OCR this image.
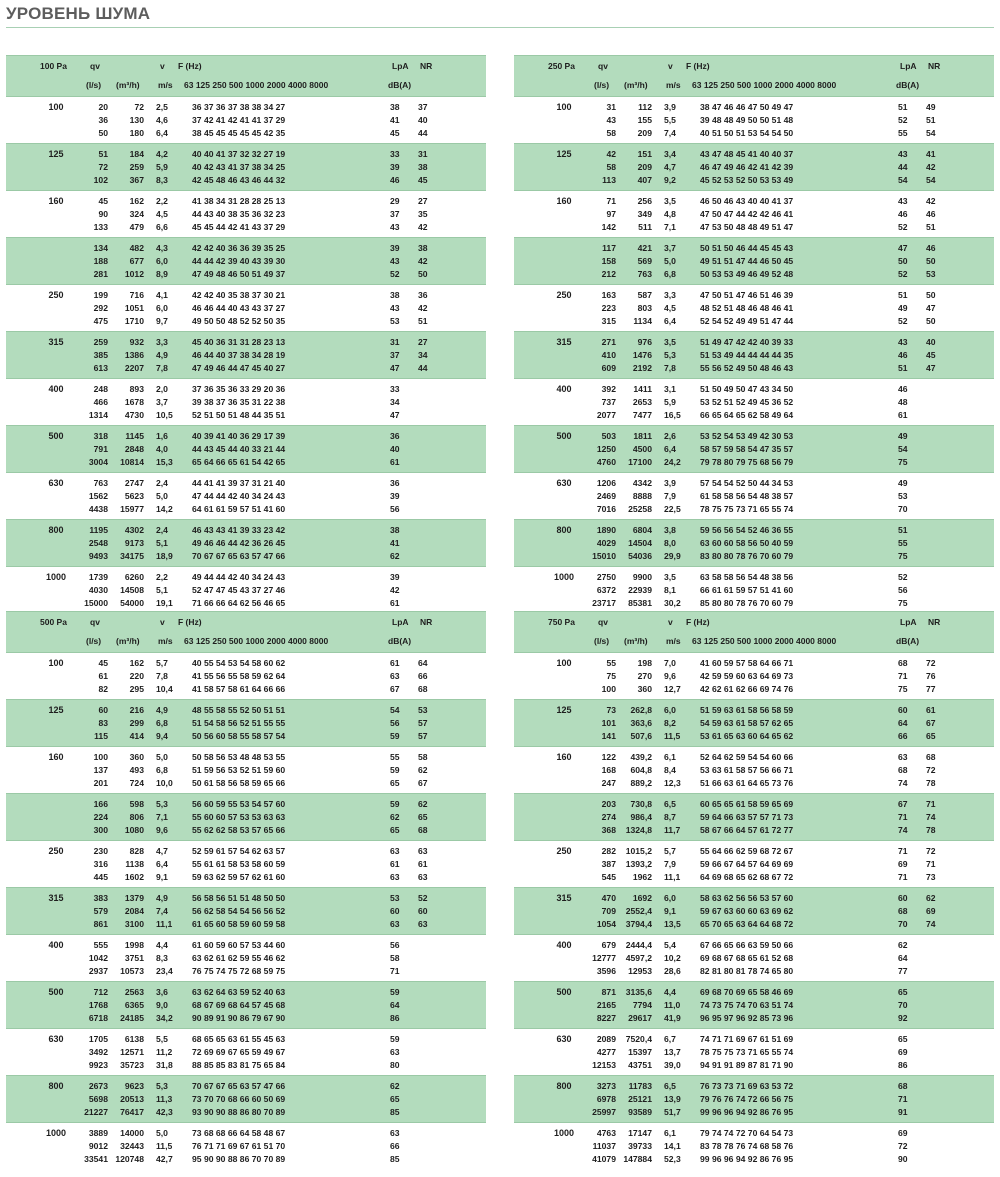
УРОВЕНЬ ШУМА
100 Pa	qv	v F (Hz)	LpA NR
(l/s) (m³/h) m/s 63 125 250 500 1000 2000 4000 8000	dB(A)
100	20	72 2,5	36 37 36 37 38 38 34 27	38	37
36	130 4,6	37 42 41 42 41 41 37 29	41	40
50	180 6,4	38 45 45 45 45 45 42 35	45	44
125	51	184 4,2	40 40 41 37 32 32 27 19	33	31
72	259 5,9	40 42 43 41 37 38 34 25	39	38
102	367 8,3	42 45 48 46 43 46 44 32	46	45
160	45	162 2,2	41 38 34 31 28 28 25 13	29	27
90	324 4,5	44 43 40 38 35 36 32 23	37	35
133	479 6,6	45 45 44 42 41 43 37 29	43	42
134	482 4,3	42 42 40 36 36 39 35 25	39	38
188	677 6,0	44 44 42 39 40 43 39 30	43	42
281	1012 8,9	47 49 48 46 50 51 49 37	52	50
250	199	716 4,1	42 42 40 35 38 37 30 21	38	36
292	1051 6,0	46 46 44 40 43 43 37 27	43	42
475	1710 9,7	49 50 50 48 52 52 50 35	53	51
315	259	932 3,3	45 40 36 31 31 28 23 13	31	27
385	1386 4,9	46 44 40 37 38 34 28 19	37	34
613	2207 7,8	47 49 46 44 47 45 40 27	47	44
400	248	893 2,0	37 36 35 36 33 29 20 36	33
466	1678 3,7	39 38 37 36 35 31 22 38	34
1314	4730 10,5	52 51 50 51 48 44 35 51	47
500	318	1145 1,6	40 39 41 40 36 29 17 39	36
791	2848 4,0	44 43 45 44 40 33 21 44	40
3004	10814 15,3	65 64 66 65 61 54 42 65	61
630	763	2747 2,4	44 41 41 39 37 31 21 40	36
1562	5623 5,0	47 44 44 42 40 34 24 43	39
4438	15977 14,2	64 61 61 59 57 51 41 60	56
800	1195	4302 2,4	46 43 43 41 39 33 23 42	38
2548	9173 5,1	49 46 46 44 42 36 26 45	41
9493	34175 18,9	70 67 67 65 63 57 47 66	62
1000	1739	6260 2,2	49 44 44 42 40 34 24 43	39
4030	14508 5,1	52 47 47 45 43 37 27 46	42
15000	54000 19,1	71 66 66 64 62 56 46 65	61
250 Pa	qv	v F (Hz)	LpA NR
(l/s) (m³/h) m/s 63 125 250 500 1000 2000 4000 8000	dB(A)
100	31	112 3,9	38 47 46 46 47 50 49 47	51	49
43	155 5,5	39 48 48 49 50 50 51 48	52	51
58	209 7,4	40 51 50 51 53 54 54 50	55	54
125	42	151 3,4	43 47 48 45 41 40 40 37	43	41
58	209 4,7	46 47 49 46 42 41 42 39	44	42
113	407 9,2	45 52 53 52 50 53 53 49	54	54
160	71	256 3,5	46 50 46 43 40 40 41 37	43	42
97	349 4,8	47 50 47 44 42 42 46 41	46	46
142	511 7,1	47 53 50 48 48 49 51 47	52	51
117	421 3,7	50 51 50 46 44 45 45 43	47	46
158	569 5,0	49 51 51 47 44 46 50 45	50	50
212	763 6,8	50 53 53 49 46 49 52 48	52	53
250	163	587 3,3	47 50 51 47 46 51 46 39	51	50
223	803 4,5	48 52 51 48 46 48 46 41	49	47
315	1134 6,4	52 54 52 49 49 51 47 44	52	50
315	271	976 3,5	51 49 47 42 42 40 39 33	43	40
410	1476 5,3	51 53 49 44 44 44 44 35	46	45
609	2192 7,8	55 56 52 49 50 48 46 43	51	47
400	392	1411 3,1	51 50 49 50 47 43 34 50	46
737	2653 5,9	53 52 51 52 49 45 36 52	48
2077	7477 16,5	66 65 64 65 62 58 49 64	61
500	503	1811 2,6	53 52 54 53 49 42 30 53	49
1250	4500 6,4	58 57 59 58 54 47 35 57	54
4760	17100 24,2	79 78 80 79 75 68 56 79	75
630	1206	4342 3,9	57 54 54 52 50 44 34 53	49
2469	8888 7,9	61 58 58 56 54 48 38 57	53
7016	25258 22,5	78 75 75 73 71 65 55 74	70
800	1890	6804 3,8	59 56 56 54 52 46 36 55	51
4029	14504 8,0	63 60 60 58 56 50 40 59	55
15010	54036 29,9	83 80 80 78 76 70 60 79	75
1000	2750	9900 3,5	63 58 58 56 54 48 38 56	52
6372	22939 8,1	66 61 61 59 57 51 41 60	56
23717	85381 30,2	85 80 80 78 76 70 60 79	75
500 Pa	qv	v F (Hz)	LpA NR
(l/s) (m³/h) m/s 63 125 250 500 1000 2000 4000 8000	dB(A)
100	45	162 5,7	40 55 54 53 54 58 60 62	61	64
61	220 7,8	41 55 56 55 58 59 62 64	63	66
82	295 10,4	41 58 57 58 61 64 66 66	67	68
125	60	216 4,9	48 55 58 55 52 50 51 51	54	53
83	299 6,8	51 54 58 56 52 51 55 55	56	57
115	414 9,4	50 56 60 58 55 58 57 54	59	57
160	100	360 5,0	50 58 56 53 48 48 53 55	55	58
137	493 6,8	51 59 56 53 52 51 59 60	59	62
201	724 10,0	50 61 58 56 58 59 65 66	65	67
166	598 5,3	56 60 59 55 53 54 57 60	59	62
224	806 7,1	55 60 60 57 53 53 63 63	62	65
300	1080 9,6	55 62 62 58 53 57 65 66	65	68
250	230	828 4,7	52 59 61 57 54 62 63 57	63	63
316	1138 6,4	55 61 61 58 53 58 60 59	61	61
445	1602 9,1	59 63 62 59 57 62 61 60	63	63
315	383	1379 4,9	56 58 56 51 51 48 50 50	53	52
579	2084 7,4	56 62 58 54 54 56 56 52	60	60
861	3100 11,1	61 65 60 58 59 60 59 58	63	63
400	555	1998 4,4	61 60 59 60 57 53 44 60	56
1042	3751 8,3	63 62 61 62 59 55 46 62	58
2937	10573 23,4	76 75 74 75 72 68 59 75	71
500	712	2563 3,6	63 62 64 63 59 52 40 63	59
1768	6365 9,0	68 67 69 68 64 57 45 68	64
6718	24185 34,2	90 89 91 90 86 79 67 90	86
630	1705	6138 5,5	68 65 65 63 61 55 45 63	59
3492	12571 11,2	72 69 69 67 65 59 49 67	63
9923	35723 31,8	88 85 85 83 81 75 65 84	80
800	2673	9623 5,3	70 67 67 65 63 57 47 66	62
5698	20513 11,3	73 70 70 68 66 60 50 69	65
21227	76417 42,3	93 90 90 88 86 80 70 89	85
1000	3889	14000 5,0	73 68 68 66 64 58 48 67	63
9012	32443 11,5	76 71 71 69 67 61 51 70	66
33541 120748 42,7	95 90 90 88 86 70 70 89	85
750 Pa	qv	v F (Hz)	LpA NR
(l/s) (m³/h) m/s 63 125 250 500 1000 2000 4000 8000	dB(A)
100	55	198 7,0	41 60 59 57 58 64 66 71	68	72
75	270 9,6	42 59 59 60 63 64 69 73	71	76
100	360 12,7	42 62 61 62 66 69 74 76	75	77
125	73	262,8 6,0	51 59 63 61 58 56 58 59	60	61
101	363,6 8,2	54 59 63 61 58 57 62 65	64	67
141	507,6 11,5	53 61 65 63 60 64 65 62	66	65
160	122	439,2 6,1	52 64 62 59 54 54 60 66	63	68
168	604,8 8,4	53 63 61 58 57 56 66 71	68	72
247	889,2 12,3	51 66 63 61 64 65 73 76	74	78
203	730,8 6,5	60 65 65 61 58 59 65 69	67	71
274	986,4 8,7	59 64 66 63 57 57 71 73	71	74
368	1324,8 11,7	58 67 66 64 57 61 72 77	74	78
250	282	1015,2 5,7	55 64 66 62 59 68 72 67	71	72
387	1393,2 7,9	59 66 67 64 57 64 69 69	69	71
545	1962 11,1	64 69 68 65 62 68 67 72	71	73
315	470	1692 6,0	58 63 62 56 56 53 57 60	60	62
709	2552,4 9,1	59 67 63 60 60 63 69 62	68	69
1054	3794,4 13,5	65 70 65 63 64 64 68 72	70	74
400	679	2444,4 5,4	67 66 65 66 63 59 50 66	62
12777	4597,2 10,2	69 68 67 68 65 61 52 68	64
3596	12953 28,6	82 81 80 81 78 74 65 80	77
500	871	3135,6 4,4	69 68 70 69 65 58 46 69	65
2165	7794 11,0	74 73 75 74 70 63 51 74	70
8227	29617 41,9	96 95 97 96 92 85 73 96	92
630	2089	7520,4 6,7	74 71 71 69 67 61 51 69	65
4277	15397 13,7	78 75 75 73 71 65 55 74	69
12153	43751 39,0	94 91 91 89 87 81 71 90	86
800	3273	11783 6,5	76 73 73 71 69 63 53 72	68
6978	25121 13,9	79 76 76 74 72 66 56 75	71
25997	93589 51,7	99 96 96 94 92 86 76 95	91
1000	4763	17147 6,1	79 74 74 72 70 64 54 73	69
11037	39733 14,1	83 78 78 76 74 68 58 76	72
41079 147884 52,3	99 96 96 94 92 86 76 95	90
